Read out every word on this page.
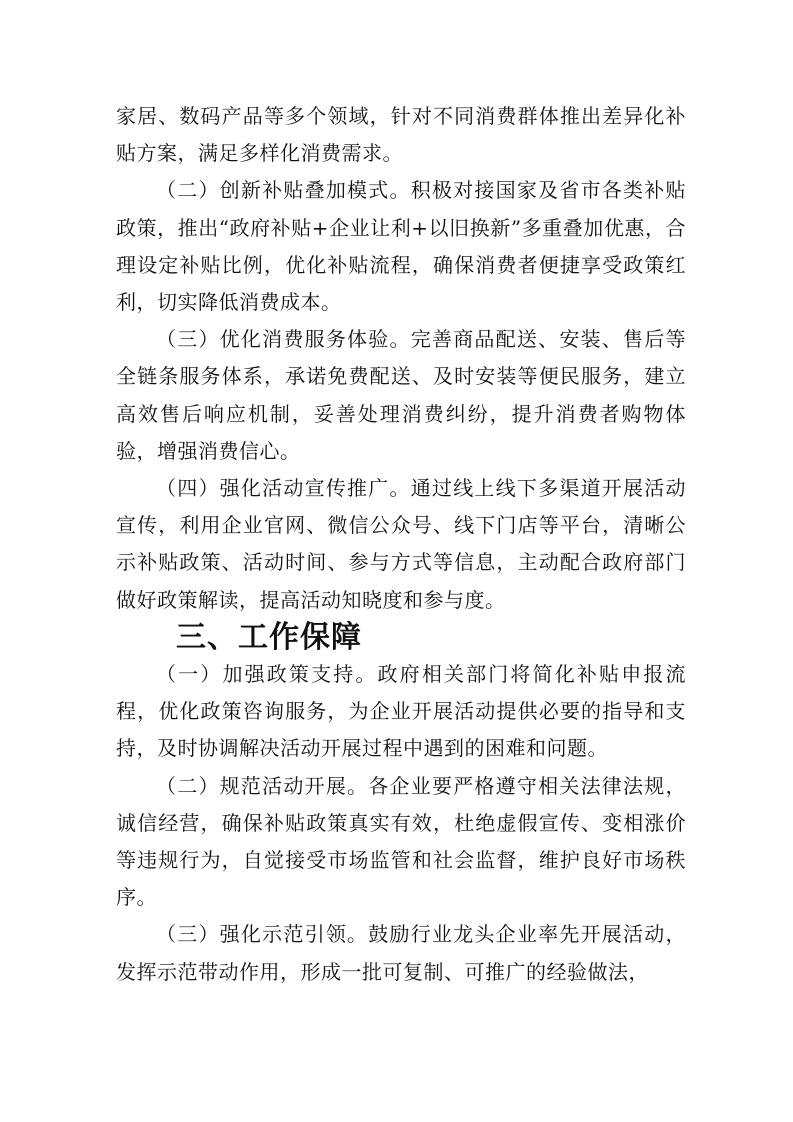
家居、数码产品等多个领域，针对不同消费群体推出差异化补贴方案，满足多样化消费需求。

（二）创新补贴叠加模式。积极对接国家及省市各类补贴政策，推出“政府补贴+企业让利+以旧换新”多重叠加优惠，合理设定补贴比例，优化补贴流程，确保消费者便捷享受政策红利，切实降低消费成本。

（三）优化消费服务体验。完善商品配送、安装、售后等全链条服务体系，承诺免费配送、及时安装等便民服务，建立高效售后响应机制，妥善处理消费纠纷，提升消费者购物体验，增强消费信心。

（四）强化活动宣传推广。通过线上线下多渠道开展活动宣传，利用企业官网、微信公众号、线下门店等平台，清晰公示补贴政策、活动时间、参与方式等信息，主动配合政府部门做好政策解读，提高活动知晓度和参与度。

三、工作保障

（一）加强政策支持。政府相关部门将简化补贴申报流程，优化政策咨询服务，为企业开展活动提供必要的指导和支持，及时协调解决活动开展过程中遇到的困难和问题。

（二）规范活动开展。各企业要严格遵守相关法律法规，诚信经营，确保补贴政策真实有效，杜绝虚假宣传、变相涨价等违规行为，自觉接受市场监管和社会监督，维护良好市场秩序。

（三）强化示范引领。鼓励行业龙头企业率先开展活动，发挥示范带动作用，形成一批可复制、可推广的经验做法，
